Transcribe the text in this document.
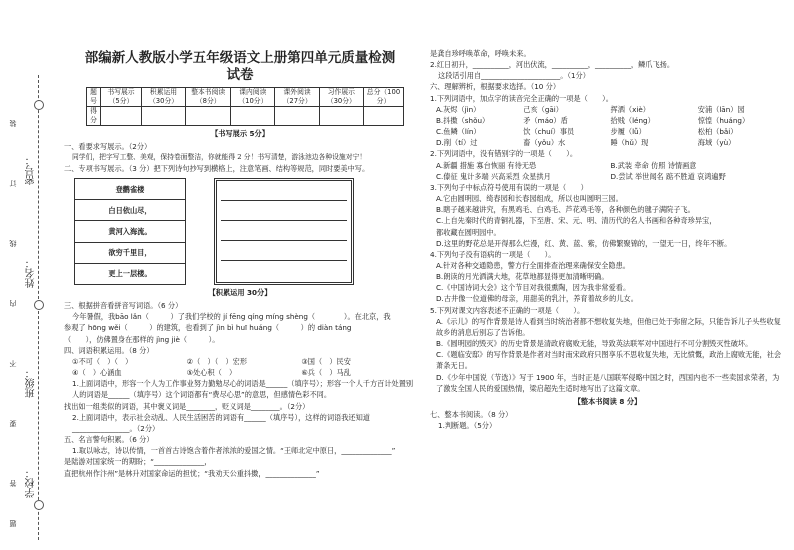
学校：
班级：
姓名：
密号：
装
订
线
内
不
要
答
题
部编新人教版小学五年级语文上册第四单元质量检测
试卷
题号	书写展示（5分）	积累运用（30分）	整本书阅读（8分）	课内阅读（10分）	课外阅读（27分）	习作展示（30分）	总分（100分）
得分							
【书写展示 5分】

一、看要求写展示。（2分）

同学们，把字写工整、美观，保持卷面整洁，你就能得 2 分！书写清楚，游泳池边各种设施对宁！

二、专项书写展示。（3 分）把下列诗句抄写到横格上，注意笔画、结构等规范，同时要美中写。

登鹳雀楼
白日依山尽，
黄河入海流。
欲穷千里目，
更上一层楼。
【积累运用 30分】

三、根据拼音看拼音写词语。（6 分）

今年暑假，我bāo lǎn（　　　）了我们学校的 jí fēng qíng míng shèng（　　　　）。在北京，我

参观了 hōng wěi（　　　）的建筑，也看到了 jìn bì huī huáng（　　　）的 diàn táng

（　　），仿佛置身在那样的 jìng jiè（　　　）。

四、词语积累运用。（8 分）

①不可（　）（　）	②（　）（　）宏形	③国（　）民安
④（　）心涵血	⑤处心积（　）	⑥兵（　）马乱

1.上面词语中，形容一个人为工作事业努力勤勉尽心的词语是______（填序号）；形容一个人千方百计处置别人的词语是______（填序号）这个词语都有“费尽心思”的意思，但感情色彩不同。

找出如一组类似的词语，其中褒义词是________，贬义词是________。（2分）

2.上面词语中，表示社会动乱、人民生活困苦的词语有______（填序号），这样的词语我还知道________________。（2分）

五、名言警句积累。（6 分）

1.取以咏志，诗以传情，一首首古诗饱含着作者浓浓的爱国之情。“王师北定中原日，______________”

是陆游对国家统一的期盼；“______________，

直把杭州作汴州”是林升对国家命运的担忧；“我劝天公重抖擞，______________”

是龚自珍呼唤革命，呼唤未来。

2.红日初升，__________，河出伏流，__________，__________，鳞爪飞扬。

这段话引用自______________________。（1分）

六、理解辨析，根据要求选择。（10 分）

1.下列词语中，加点字的读音完全正确的一项是（　　）。

A.灰烬（jìn）	己亥（gāi）	挥洒（xiè）	安浦（lān）园
B.抖擞（shǒu）	矛（máo）盾	拾贱（léng）	惊惶（huáng）
C.鱼鳞（lín）	饮（chuí）事员	步履（lǚ）	松柏（bǎi）
D.削（tí）过	畜（yǒu）水	睡（hǔ）现	海域（yù）

2.下列词语中，没有错别字的一项是（　　）。

A.新疆 措施 寡台恢丽 有待无恐	B.武装 牵命 仿照 诗情画意
C.傣征 鬼计多端 兴高采烈 众星拱月	D.尝试 举世闻名 踮不胜道 哀鸿遍野

3.下列句子中标点符号使用有误的一项是（　　）

A.它由圆明园、绮春园和长春园组成，所以也叫圆明三园。

B.瞎子越来越讲究，有黑鸡毛、白鸡毛、芦花鸡毛等，各种颜色的毽子满院子飞。

C.上自先秦时代的青铜礼器，下至唐、宋、元、明、清历代的名人书画和各种奇珍异宝，

都收藏在圆明园中。

D.这里的野花总是开得那么烂漫，红、黄、蓝、紫，仿佛繁聚锦的，一望无一日，终年不断。

4.下列句子没有语病的一项是（　　）。

A.针对各种交通隐患，警方行全面排查治理来确保安全隐患。

B.朗读的月光洒满大地，花草地都显得更加清晰明确。

C.《中国诗词大会》这个节目对我很熏陶，因为我非常爱看。

D.古井像一位道佛的母亲，用甜美的乳汁，养育着故乡的儿女。

5.下列对课文内容表述不正确的一项是（　　）。

A.《示儿》的写作背景是诗人看到当时统治者都不想收复失地，但他已处于弥留之际，只能告诉儿子头些收复故乡的消息后别忘了告诉他。

B.《圆明园的毁灭》的历史背景是清政府腐败无能，导致英法联军对中国进行不可分割毁灭性破坏。

C.《题临安邸》的写作背景是作者对当时南宋政府只图享乐不思收复失地，无比愤慨，政治上腐败无能，社会萧条无日。

D.《少年中国说（节选）》写于 1900 年，当时正是八国联军侵略中国之时，西国内也不一些卖国求荣者，为了激发全国人民的爱国热情，梁启超先生适时地写出了这篇文章。

【整本书阅读 8 分】

七、整本书阅读。（8 分）

1.判断题。（5分）
